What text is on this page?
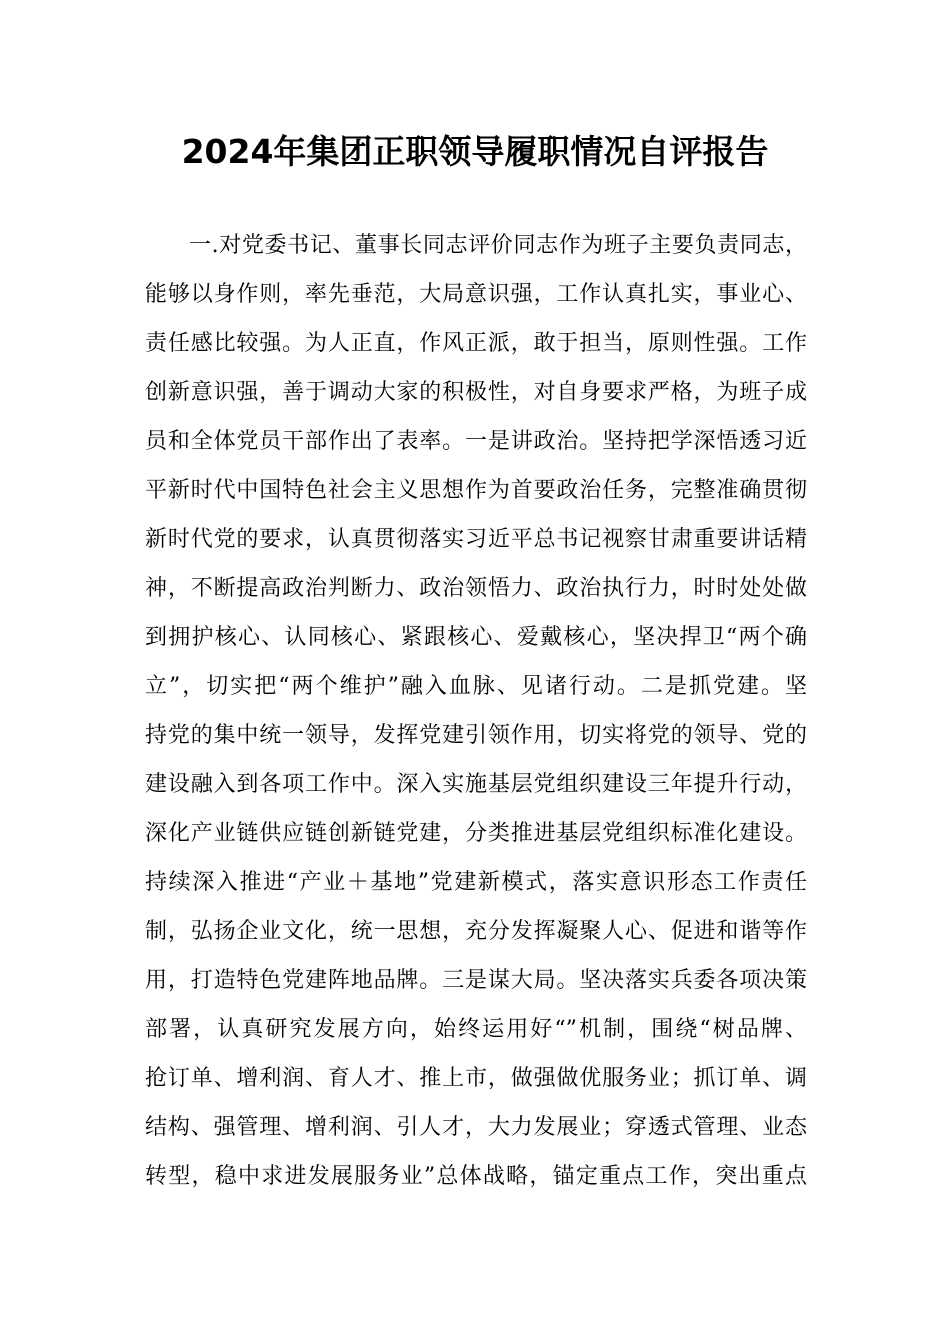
2024年集团正职领导履职情况自评报告
一.对党委书记、董事长同志评价同志作为班子主要负责同志，
能够以身作则，率先垂范，大局意识强，工作认真扎实，事业心、
责任感比较强。为人正直，作风正派，敢于担当，原则性强。工作
创新意识强，善于调动大家的积极性，对自身要求严格，为班子成
员和全体党员干部作出了表率。一是讲政治。坚持把学深悟透习近
平新时代中国特色社会主义思想作为首要政治任务，完整准确贯彻
新时代党的要求，认真贯彻落实习近平总书记视察甘肃重要讲话精
神，不断提高政治判断力、政治领悟力、政治执行力，时时处处做
到拥护核心、认同核心、紧跟核心、爱戴核心，坚决捍卫“两个确
立”，切实把“两个维护”融入血脉、见诸行动。二是抓党建。坚
持党的集中统一领导，发挥党建引领作用，切实将党的领导、党的
建设融入到各项工作中。深入实施基层党组织建设三年提升行动，
深化产业链供应链创新链党建，分类推进基层党组织标准化建设。
持续深入推进“产业＋基地”党建新模式，落实意识形态工作责任
制，弘扬企业文化，统一思想，充分发挥凝聚人心、促进和谐等作
用，打造特色党建阵地品牌。三是谋大局。坚决落实兵委各项决策
部署，认真研究发展方向，始终运用好“”机制，围绕“树品牌、
抢订单、增利润、育人才、推上市，做强做优服务业；抓订单、调
结构、强管理、增利润、引人才，大力发展业；穿透式管理、业态
转型，稳中求进发展服务业”总体战略，锚定重点工作，突出重点
